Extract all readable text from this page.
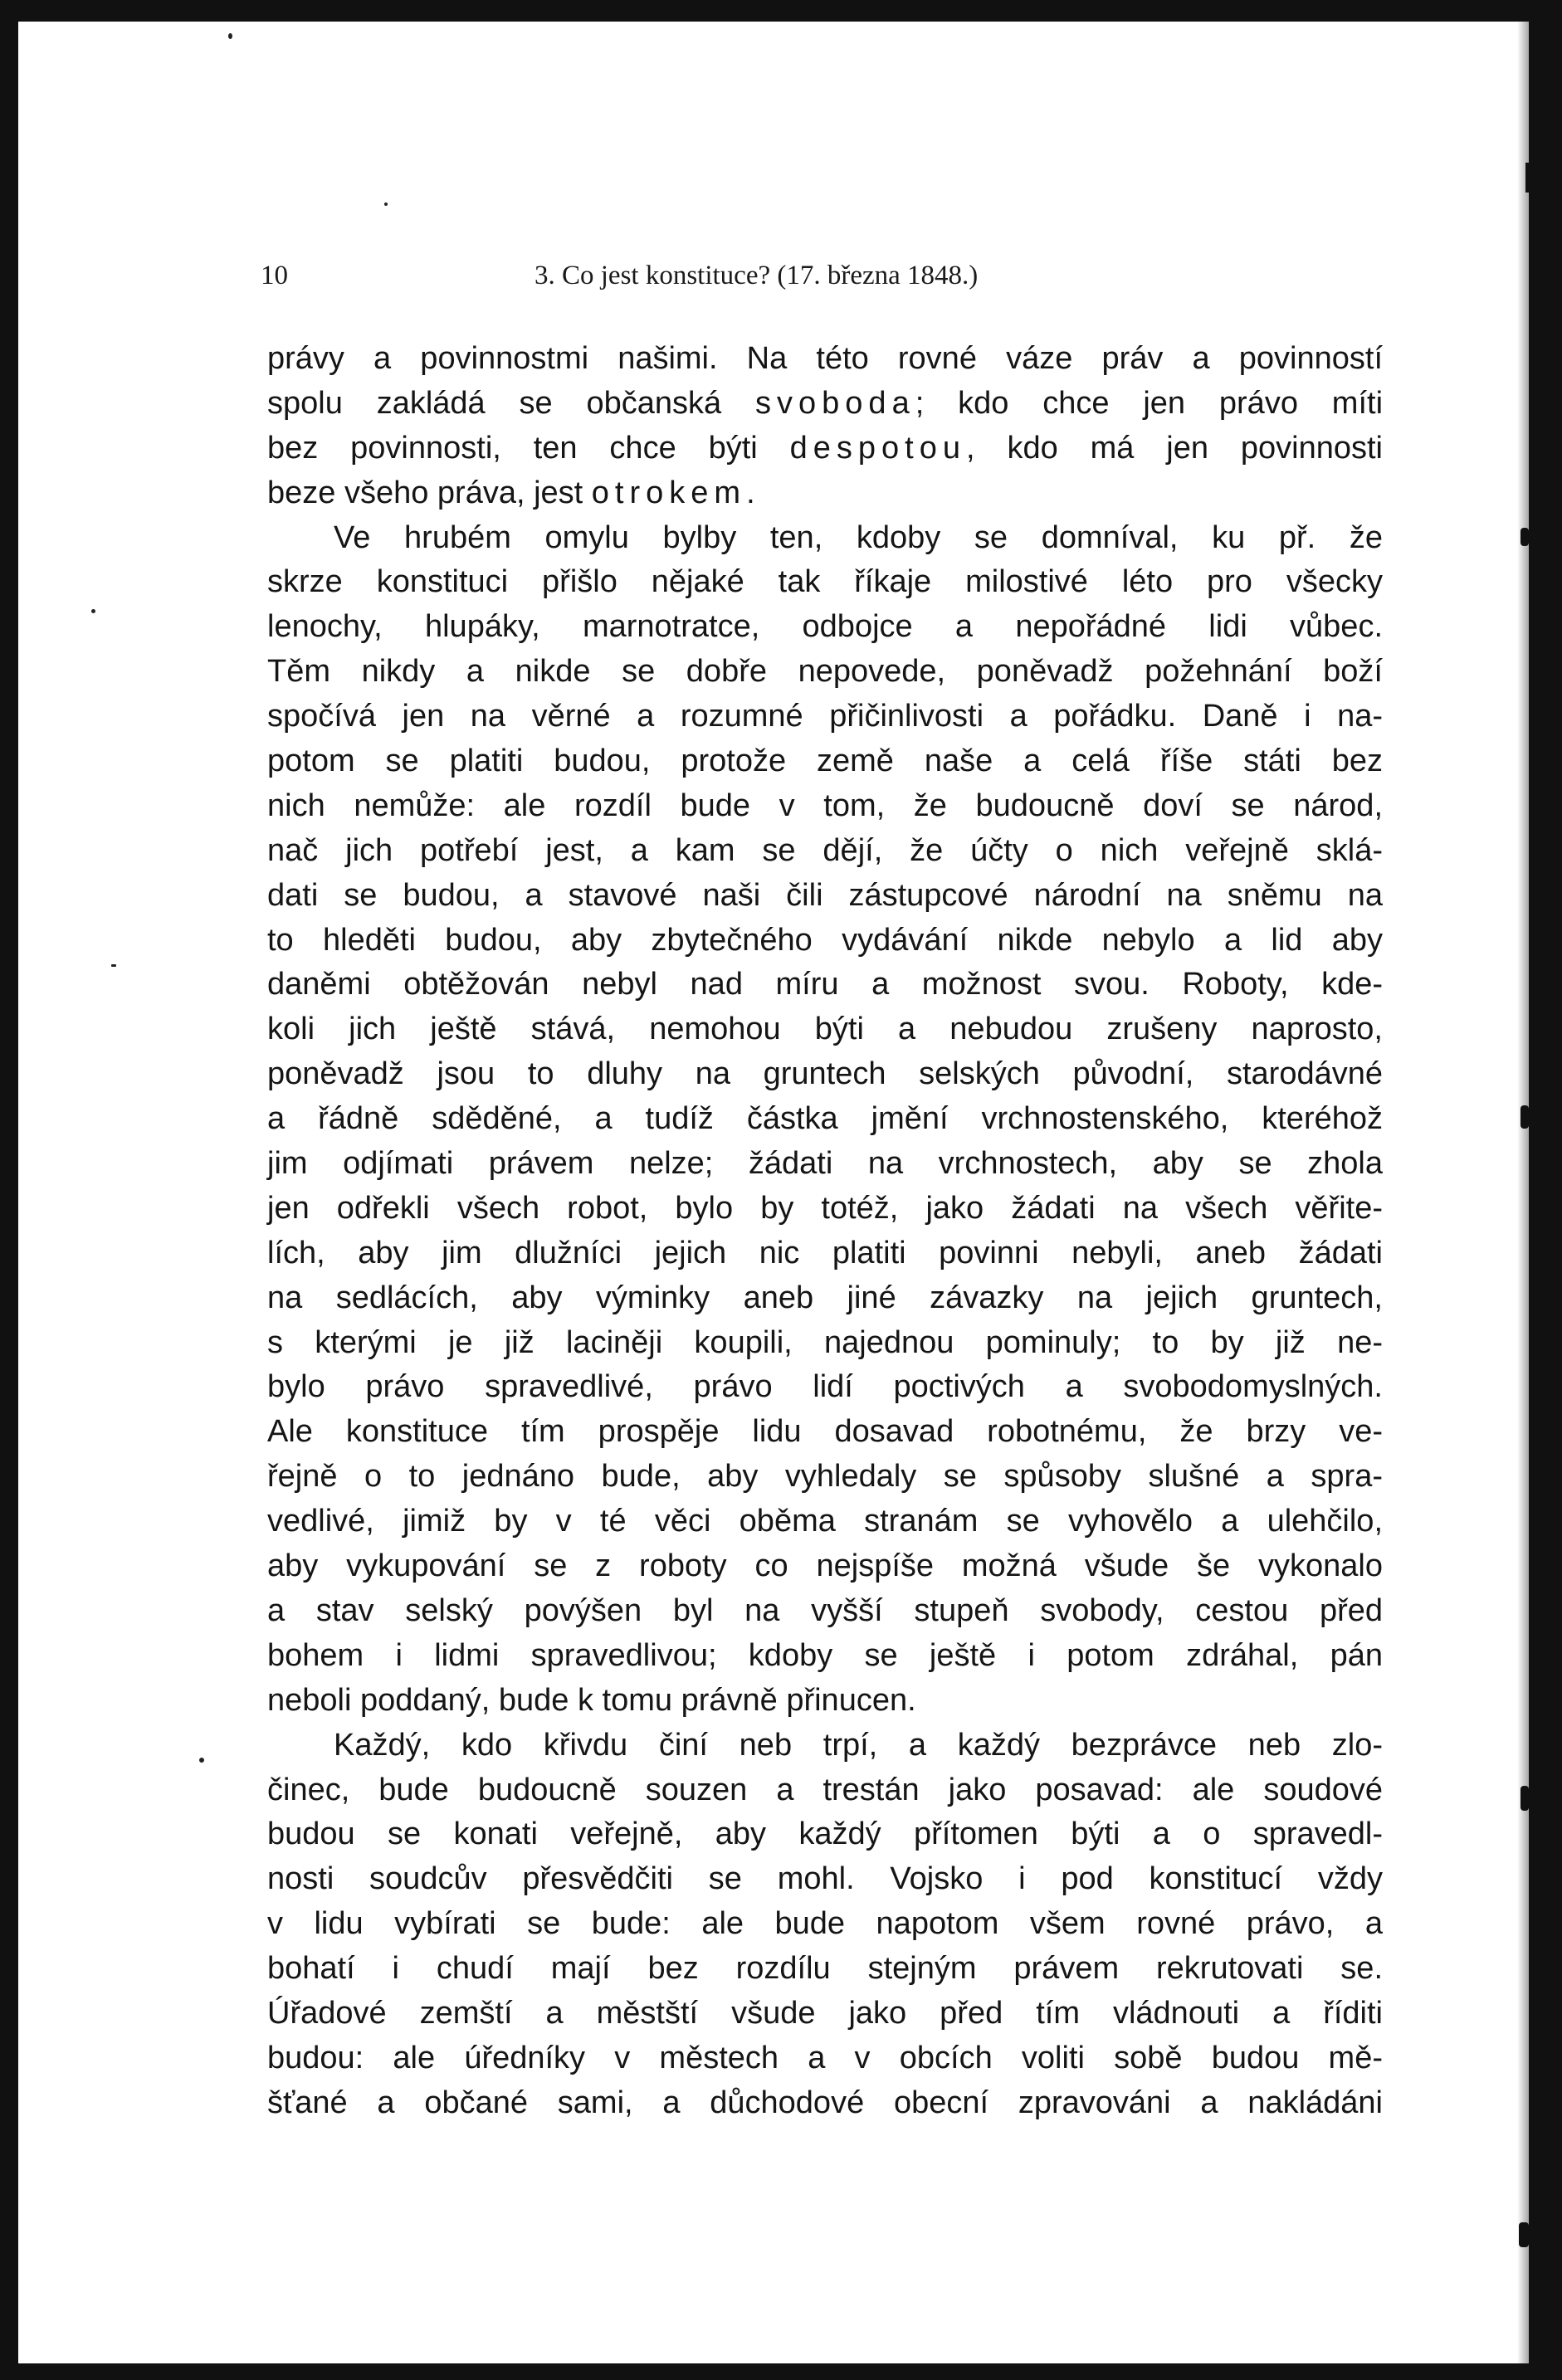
10	3. Co jest konstituce? (17. března 1848.)
právy a povinnostmi našimi. Na této rovné váze práv a povinností
spolu zakládá se občanská svoboda; kdo chce jen právo míti
bez povinnosti, ten chce býti despotou, kdo má jen povinnosti
beze všeho práva, jest otrokem.
Ve hrubém omylu bylby ten, kdoby se domníval, ku př. že
skrze konstituci přišlo nějaké tak říkaje milostivé léto pro všecky
lenochy, hlupáky, marnotratce, odbojce a nepořádné lidi vůbec.
Těm nikdy a nikde se dobře nepovede, poněvadž požehnání boží
spočívá jen na věrné a rozumné přičinlivosti a pořádku. Daně i na-
potom se platiti budou, protože země naše a celá říše státi bez
nich nemůže: ale rozdíl bude v tom, že budoucně doví se národ,
nač jich potřebí jest, a kam se dějí, že účty o nich veřejně sklá-
dati se budou, a stavové naši čili zástupcové národní na sněmu na
to hleděti budou, aby zbytečného vydávání nikde nebylo a lid aby
daněmi obtěžován nebyl nad míru a možnost svou. Roboty, kde-
koli jich ještě stává, nemohou býti a nebudou zrušeny naprosto,
poněvadž jsou to dluhy na gruntech selských původní, starodávné
a řádně sděděné, a tudíž částka jmění vrchnostenského, kteréhož
jim odjímati právem nelze; žádati na vrchnostech, aby se zhola
jen odřekli všech robot, bylo by totéž, jako žádati na všech věřite-
lích, aby jim dlužníci jejich nic platiti povinni nebyli, aneb žádati
na sedlácích, aby výminky aneb jiné závazky na jejich gruntech,
s kterými je již laciněji koupili, najednou pominuly; to by již ne-
bylo právo spravedlivé, právo lidí poctivých a svobodomyslných.
Ale konstituce tím prospěje lidu dosavad robotnému, že brzy ve-
řejně o to jednáno bude, aby vyhledaly se spůsoby slušné a spra-
vedlivé, jimiž by v té věci oběma stranám se vyhovělo a ulehčilo,
aby vykupování se z roboty co nejspíše možná všude še vykonalo
a stav selský povýšen byl na vyšší stupeň svobody, cestou před
bohem i lidmi spravedlivou; kdoby se ještě i potom zdráhal, pán
neboli poddaný, bude k tomu právně přinucen.
Každý, kdo křivdu činí neb trpí, a každý bezprávce neb zlo-
činec, bude budoucně souzen a trestán jako posavad: ale soudové
budou se konati veřejně, aby každý přítomen býti a o spravedl-
nosti soudcův přesvědčiti se mohl. Vojsko i pod konstitucí vždy
v lidu vybírati se bude: ale bude napotom všem rovné právo, a
bohatí i chudí mají bez rozdílu stejným právem rekrutovati se.
Úřadové zemští a městští všude jako před tím vládnouti a říditi
budou: ale úředníky v městech a v obcích voliti sobě budou mě-
šťané a občané sami, a důchodové obecní zpravováni a nakládáni
